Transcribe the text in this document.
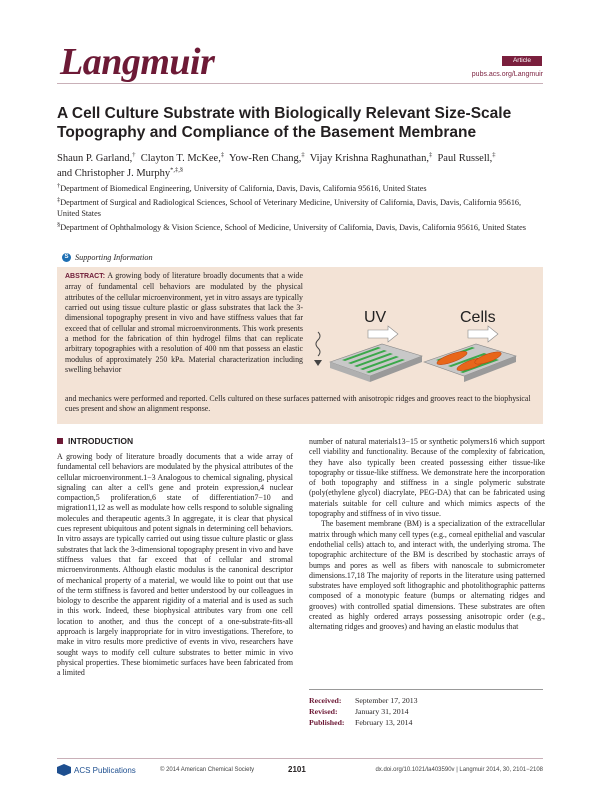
Langmuir	Article
pubs.acs.org/Langmuir
A Cell Culture Substrate with Biologically Relevant Size-Scale Topography and Compliance of the Basement Membrane
Shaun P. Garland,† Clayton T. McKee,‡ Yow-Ren Chang,‡ Vijay Krishna Raghunathan,‡ Paul Russell,‡
and Christopher J. Murphy*,‡,§

†Department of Biomedical Engineering, University of California, Davis, Davis, California 95616, United States

‡Department of Surgical and Radiological Sciences, School of Veterinary Medicine, University of California, Davis, Davis, California 95616, United States

§Department of Ophthalmology & Vision Science, School of Medicine, University of California, Davis, Davis, California 95616, United States

S Supporting Information
ABSTRACT: A growing body of literature broadly documents that a wide array of fundamental cell behaviors are modulated by the physical attributes of the cellular microenvironment, yet in vitro assays are typically carried out using tissue culture plastic or glass substrates that lack the 3-dimensional topography present in vivo and have stiffness values that far exceed that of cellular and stromal microenvironments. This work presents a method for the fabrication of thin hydrogel films that can replicate arbitrary topographies with a resolution of 400 nm that possess an elastic modulus of approximately 250 kPa. Material characterization including swelling behavior
and mechanics were performed and reported. Cells cultured on these surfaces patterned with anisotropic ridges and grooves react to the biophysical cues present and show an alignment response.
UV	Cells
INTRODUCTION
A growing body of literature broadly documents that a wide array of fundamental cell behaviors are modulated by the physical attributes of the cellular microenvironment.1−3 Analogous to chemical signaling, physical signaling can alter a cell's gene and protein expression,4 nuclear compaction,5 proliferation,6 state of differentiation7−10 and migration11,12 as well as modulate how cells respond to soluble signaling molecules and therapeutic agents.3 In aggregate, it is clear that physical cues represent ubiquitous and potent signals in determining cell behaviors. In vitro assays are typically carried out using tissue culture plastic or glass substrates that lack the 3-dimensional topography present in vivo and have stiffness values that far exceed that of cellular and stromal microenvironments. Although elastic modulus is the canonical descriptor of mechanical property of a material, we would like to point out that use of the term stiffness is favored and better understood by our colleagues in biology to describe the apparent rigidity of a material and is used as such in this work. Indeed, these biophysical attributes vary from one cell location to another, and thus the concept of a one-substrate-fits-all approach is largely inappropriate for in vitro investigations. Therefore, to make in vitro results more predictive of events in vivo, researchers have sought ways to modify cell culture substrates to better mimic in vivo physical properties. These biomimetic surfaces have been fabricated from a limited

number of natural materials13−15 or synthetic polymers16 which support cell viability and functionality. Because of the complexity of fabrication, they have also typically been created possessing either tissue-like topography or tissue-like stiffness. We demonstrate here the incorporation of both topography and stiffness in a single polymeric substrate (poly(ethylene glycol) diacrylate, PEG-DA) that can be fabricated using materials suitable for cell culture and which mimics aspects of the topography and stiffness of in vivo tissue.

The basement membrane (BM) is a specialization of the extracellular matrix through which many cell types (e.g., corneal epithelial and vascular endothelial cells) attach to, and interact with, the underlying stroma. The topographic architecture of the BM is described by stochastic arrays of bumps and pores as well as fibers with nanoscale to submicrometer dimensions.17,18 The majority of reports in the literature using patterned substrates have employed soft lithographic and photolithographic patterns composed of a monotypic feature (bumps or alternating ridges and grooves) with controlled spatial dimensions. These substrates are often created as highly ordered arrays possessing anisotropic order (e.g., alternating ridges and grooves) and having an elastic modulus that

Received: September 17, 2013
Revised: January 31, 2014
Published: February 13, 2014
ACS Publications	© 2014 American Chemical Society	2101	dx.doi.org/10.1021/la403590v | Langmuir 2014, 30, 2101−2108
